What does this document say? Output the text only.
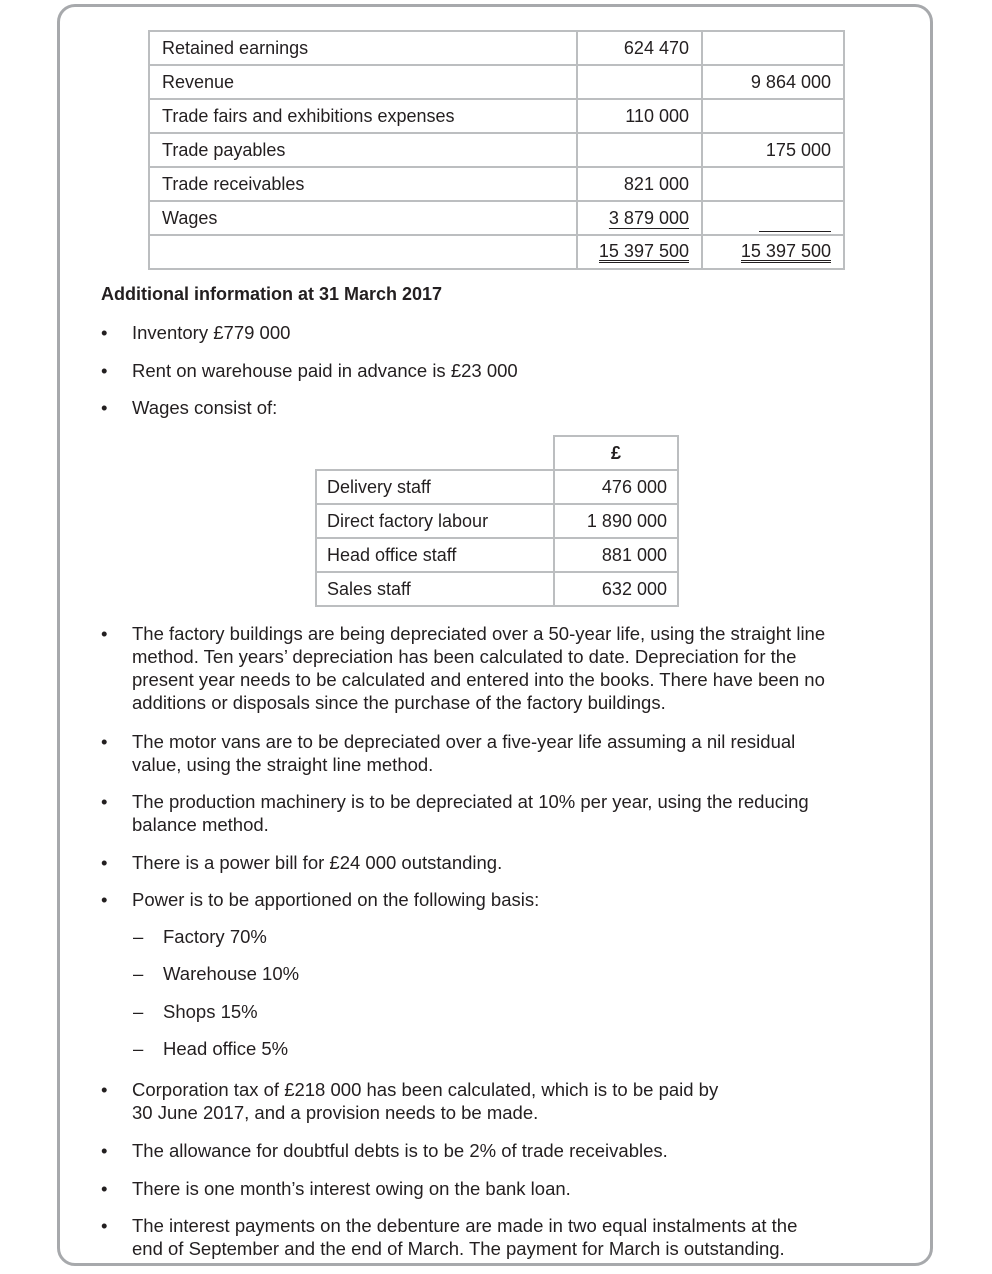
Retained earnings	624 470	
Revenue		9 864 000
Trade fairs and exhibitions expenses	110 000	
Trade payables		175 000
Trade receivables	821 000	
Wages	3 879 000	
	15 397 500	15 397 500
Additional information at 31 March 2017
• Inventory £779 000
• Rent on warehouse paid in advance is £23 000
• Wages consist of:
	£
Delivery staff	476 000
Direct factory labour	1 890 000
Head office staff	881 000
Sales staff	632 000
• The factory buildings are being depreciated over a 50-year life, using the straight line method. Ten years’ depreciation has been calculated to date. Depreciation for the present year needs to be calculated and entered into the books. There have been no additions or disposals since the purchase of the factory buildings.
• The motor vans are to be depreciated over a five-year life assuming a nil residual value, using the straight line method.
• The production machinery is to be depreciated at 10% per year, using the reducing balance method.
• There is a power bill for £24 000 outstanding.
• Power is to be apportioned on the following basis:
– Factory 70%
– Warehouse 10%
– Shops 15%
– Head office 5%
• Corporation tax of £218 000 has been calculated, which is to be paid by 30 June 2017, and a provision needs to be made.
• The allowance for doubtful debts is to be 2% of trade receivables.
• There is one month’s interest owing on the bank loan.
• The interest payments on the debenture are made in two equal instalments at the end of September and the end of March. The payment for March is outstanding.
